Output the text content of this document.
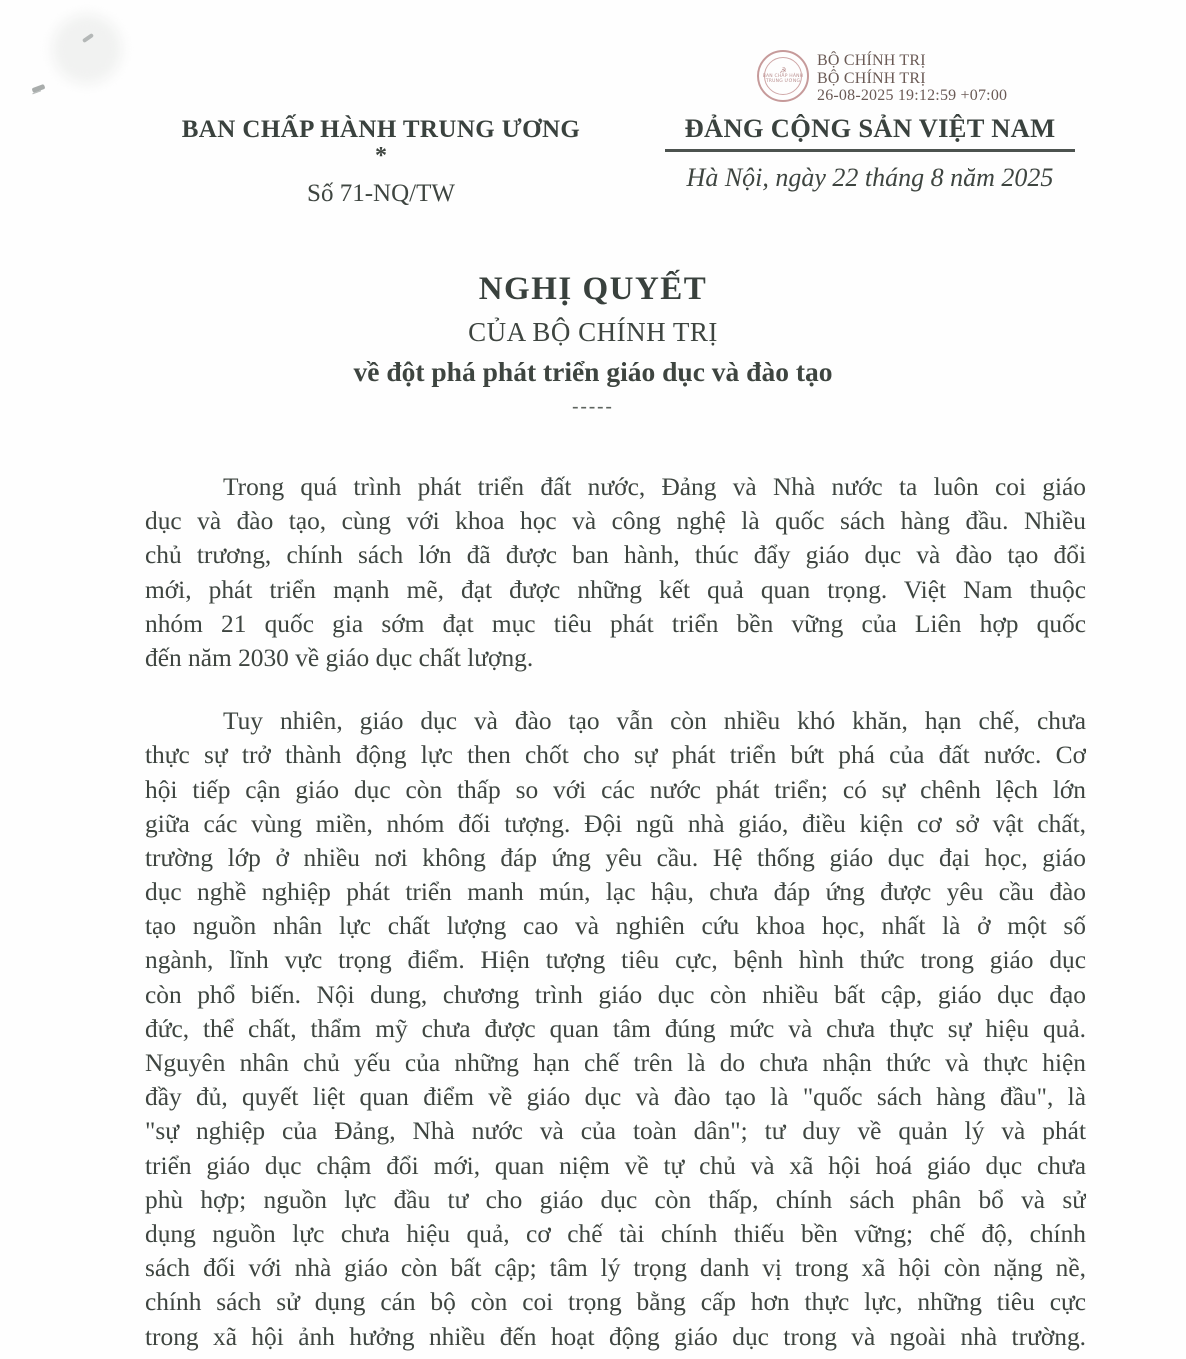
☭
BAN CHẤP HÀNH
TRUNG ƯƠNG
BỘ CHÍNH TRỊ
BỘ CHÍNH TRỊ
26-08-2025 19:12:59 +07:00
BAN CHẤP HÀNH TRUNG ƯƠNG
*
Số 71-NQ/TW
ĐẢNG CỘNG SẢN VIỆT NAM
Hà Nội, ngày 22 tháng 8 năm 2025
NGHỊ QUYẾT
CỦA BỘ CHÍNH TRỊ
về đột phá phát triển giáo dục và đào tạo
-----
Trong quá trình phát triển đất nước, Đảng và Nhà nước ta luôn coi giáo
dục và đào tạo, cùng với khoa học và công nghệ là quốc sách hàng đầu. Nhiều
chủ trương, chính sách lớn đã được ban hành, thúc đẩy giáo dục và đào tạo đổi
mới, phát triển mạnh mẽ, đạt được những kết quả quan trọng. Việt Nam thuộc
nhóm 21 quốc gia sớm đạt mục tiêu phát triển bền vững của Liên hợp quốc
đến năm 2030 về giáo dục chất lượng.
Tuy nhiên, giáo dục và đào tạo vẫn còn nhiều khó khăn, hạn chế, chưa
thực sự trở thành động lực then chốt cho sự phát triển bứt phá của đất nước. Cơ
hội tiếp cận giáo dục còn thấp so với các nước phát triển; có sự chênh lệch lớn
giữa các vùng miền, nhóm đối tượng. Đội ngũ nhà giáo, điều kiện cơ sở vật chất,
trường lớp ở nhiều nơi không đáp ứng yêu cầu. Hệ thống giáo dục đại học, giáo
dục nghề nghiệp phát triển manh mún, lạc hậu, chưa đáp ứng được yêu cầu đào
tạo nguồn nhân lực chất lượng cao và nghiên cứu khoa học, nhất là ở một số
ngành, lĩnh vực trọng điểm. Hiện tượng tiêu cực, bệnh hình thức trong giáo dục
còn phổ biến. Nội dung, chương trình giáo dục còn nhiều bất cập, giáo dục đạo
đức, thể chất, thẩm mỹ chưa được quan tâm đúng mức và chưa thực sự hiệu quả.
Nguyên nhân chủ yếu của những hạn chế trên là do chưa nhận thức và thực hiện
đầy đủ, quyết liệt quan điểm về giáo dục và đào tạo là "quốc sách hàng đầu", là
"sự nghiệp của Đảng, Nhà nước và của toàn dân"; tư duy về quản lý và phát
triển giáo dục chậm đổi mới, quan niệm về tự chủ và xã hội hoá giáo dục chưa
phù hợp; nguồn lực đầu tư cho giáo dục còn thấp, chính sách phân bổ và sử
dụng nguồn lực chưa hiệu quả, cơ chế tài chính thiếu bền vững; chế độ, chính
sách đối với nhà giáo còn bất cập; tâm lý trọng danh vị trong xã hội còn nặng nề,
chính sách sử dụng cán bộ còn coi trọng bằng cấp hơn thực lực, những tiêu cực
trong xã hội ảnh hưởng nhiều đến hoạt động giáo dục trong và ngoài nhà trường.
